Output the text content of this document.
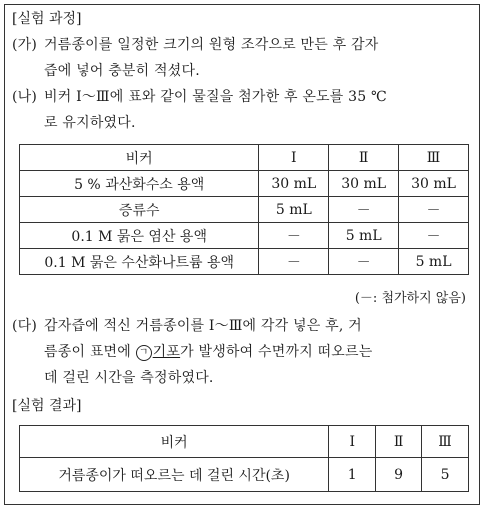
[실험 과정]
(가) 거름종이를 일정한 크기의 원형 조각으로 만든 후 감자
즙에 넣어 충분히 적셨다.
(나) 비커 Ⅰ～Ⅲ에 표와 같이 물질을 첨가한 후 온도를 35 ℃
로 유지하였다.
비커	Ⅰ	Ⅱ	Ⅲ
5 % 과산화수소 용액	30 mL	30 mL	30 mL
증류수	5 mL	－	－
0.1 M 묽은 염산 용액	－	5 mL	－
0.1 M 묽은 수산화나트륨 용액	－	－	5 mL
(－: 첨가하지 않음)
(다) 감자즙에 적신 거름종이를 Ⅰ～Ⅲ에 각각 넣은 후, 거
름종이 표면에 ㄱ 기포가 발생하여 수면까지 떠오르는
데 걸린 시간을 측정하였다.
[실험 결과]
비커	Ⅰ	Ⅱ	Ⅲ
거름종이가 떠오르는 데 걸린 시간(초)	1	9	5
